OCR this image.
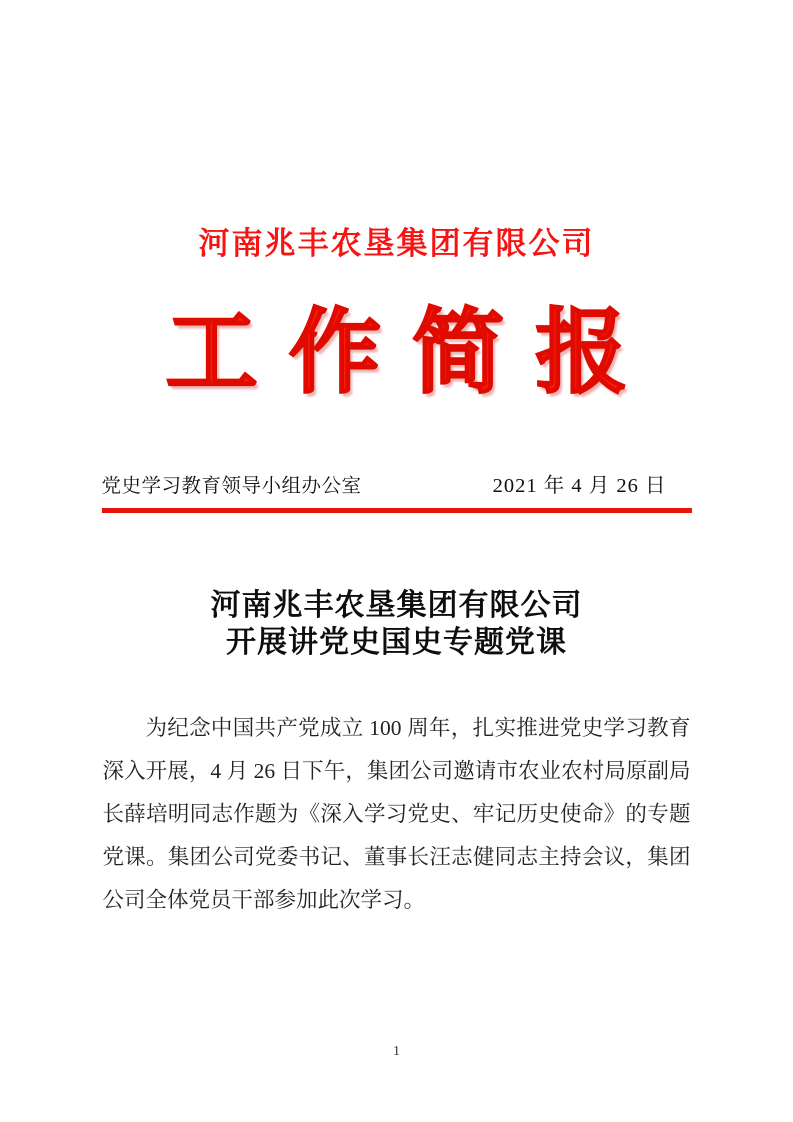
河南兆丰农垦集团有限公司
工作简报
党史学习教育领导小组办公室	2021 年 4 月 26 日
河南兆丰农垦集团有限公司
开展讲党史国史专题党课

为纪念中国共产党成立 100 周年，扎实推进党史学习教育深入开展，4 月 26 日下午，集团公司邀请市农业农村局原副局长薛培明同志作题为《深入学习党史、牢记历史使命》的专题党课。集团公司党委书记、董事长汪志健同志主持会议，集团公司全体党员干部参加此次学习。

1
